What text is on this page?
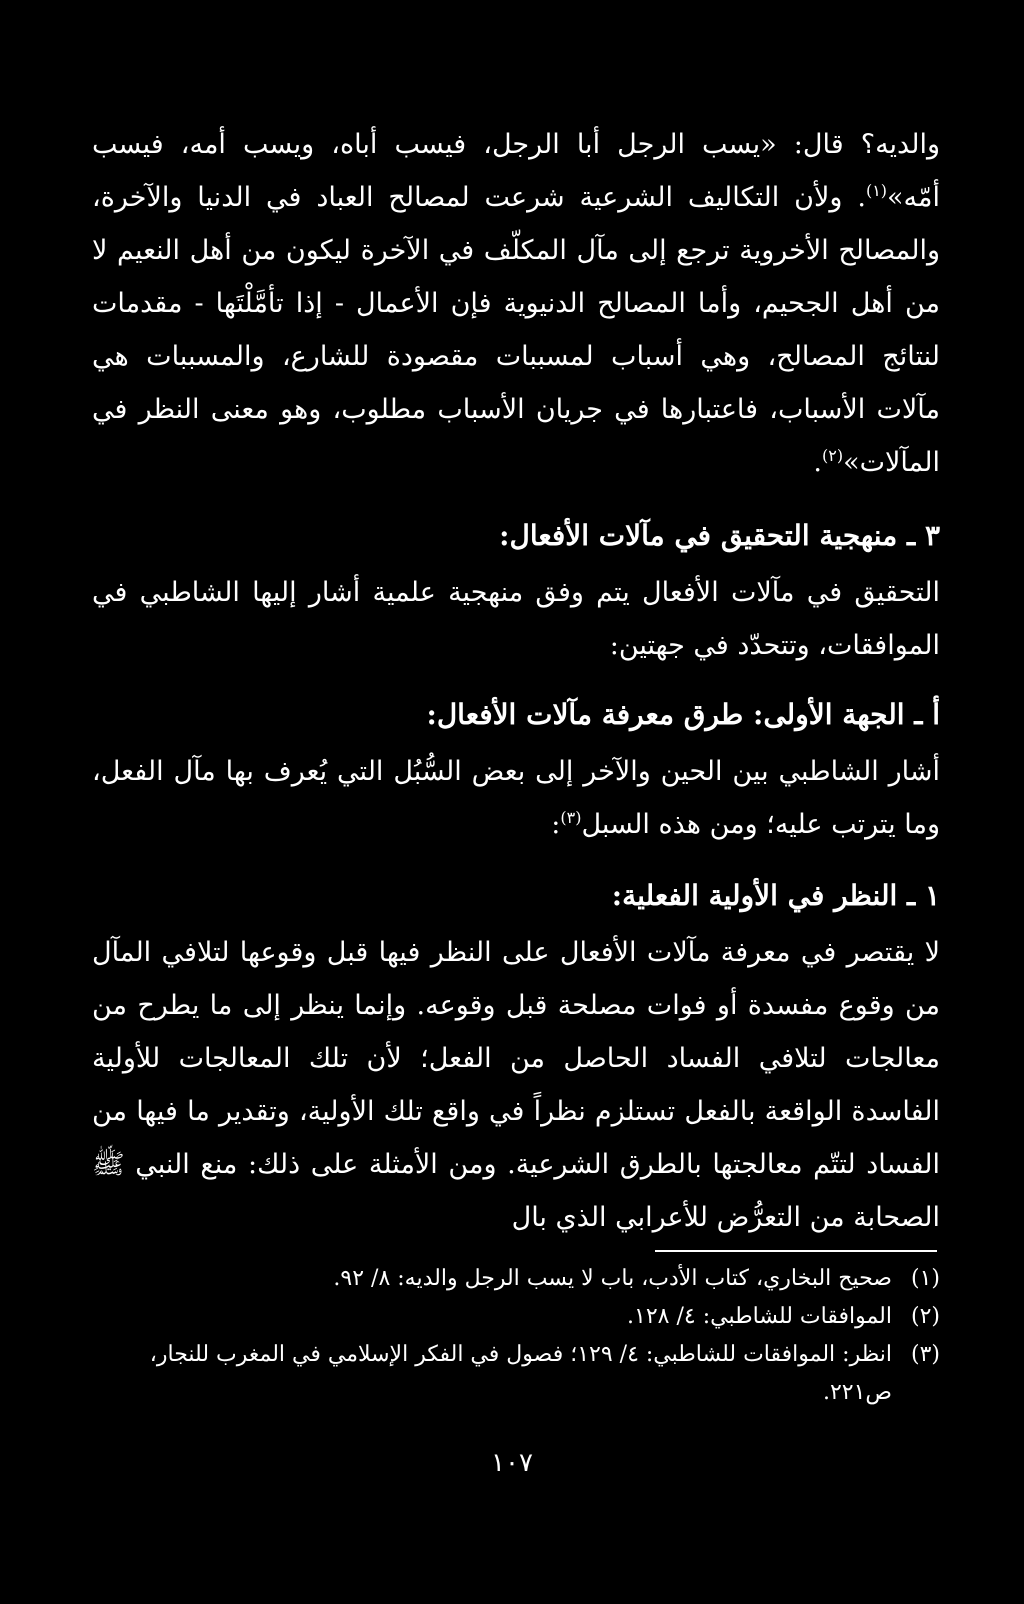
والديه؟ قال: «يسب الرجل أبا الرجل، فيسب أباه، ويسب أمه، فيسب أمّه»$^{(١)}$. ولأن التكاليف الشرعية شرعت لمصالح العباد في الدنيا والآخرة، والمصالح الأخروية ترجع إلى مآل المكلّف في الآخرة ليكون من أهل النعيم لا من أهل الجحيم، وأما المصالح الدنيوية فإن الأعمال - إذا تأمَّلْتَها - مقدمات لنتائج المصالح، وهي أسباب لمسببات مقصودة للشارع، والمسببات هي مآلات الأسباب، فاعتبارها في جريان الأسباب مطلوب، وهو معنى النظر في المآلات»$^{(٢)}$.

٣ ـ منهجية التحقيق في مآلات الأفعال:

التحقيق في مآلات الأفعال يتم وفق منهجية علمية أشار إليها الشاطبي في الموافقات، وتتحدّد في جهتين:

أ ـ الجهة الأولى: طرق معرفة مآلات الأفعال:

أشار الشاطبي بين الحين والآخر إلى بعض السُّبُل التي يُعرف بها مآل الفعل، وما يترتب عليه؛ ومن هذه السبل$^{(٣)}$:

١ ـ النظر في الأولية الفعلية:

لا يقتصر في معرفة مآلات الأفعال على النظر فيها قبل وقوعها لتلافي المآل من وقوع مفسدة أو فوات مصلحة قبل وقوعه. وإنما ينظر إلى ما يطرح من معالجات لتلافي الفساد الحاصل من الفعل؛ لأن تلك المعالجات للأولية الفاسدة الواقعة بالفعل تستلزم نظراً في واقع تلك الأولية، وتقدير ما فيها من الفساد لتتّم معالجتها بالطرق الشرعية. ومن الأمثلة على ذلك: منع النبي ﷺ الصحابة من التعرُّض للأعرابي الذي بال

(١)
صحيح البخاري، كتاب الأدب، باب لا يسب الرجل والديه: ٨/ ٩٢.
(٢)
الموافقات للشاطبي: ٤/ ١٢٨.
(٣)
انظر: الموافقات للشاطبي: ٤/ ١٢٩؛ فصول في الفكر الإسلامي في المغرب للنجار، ص٢٢١.
١٠٧
